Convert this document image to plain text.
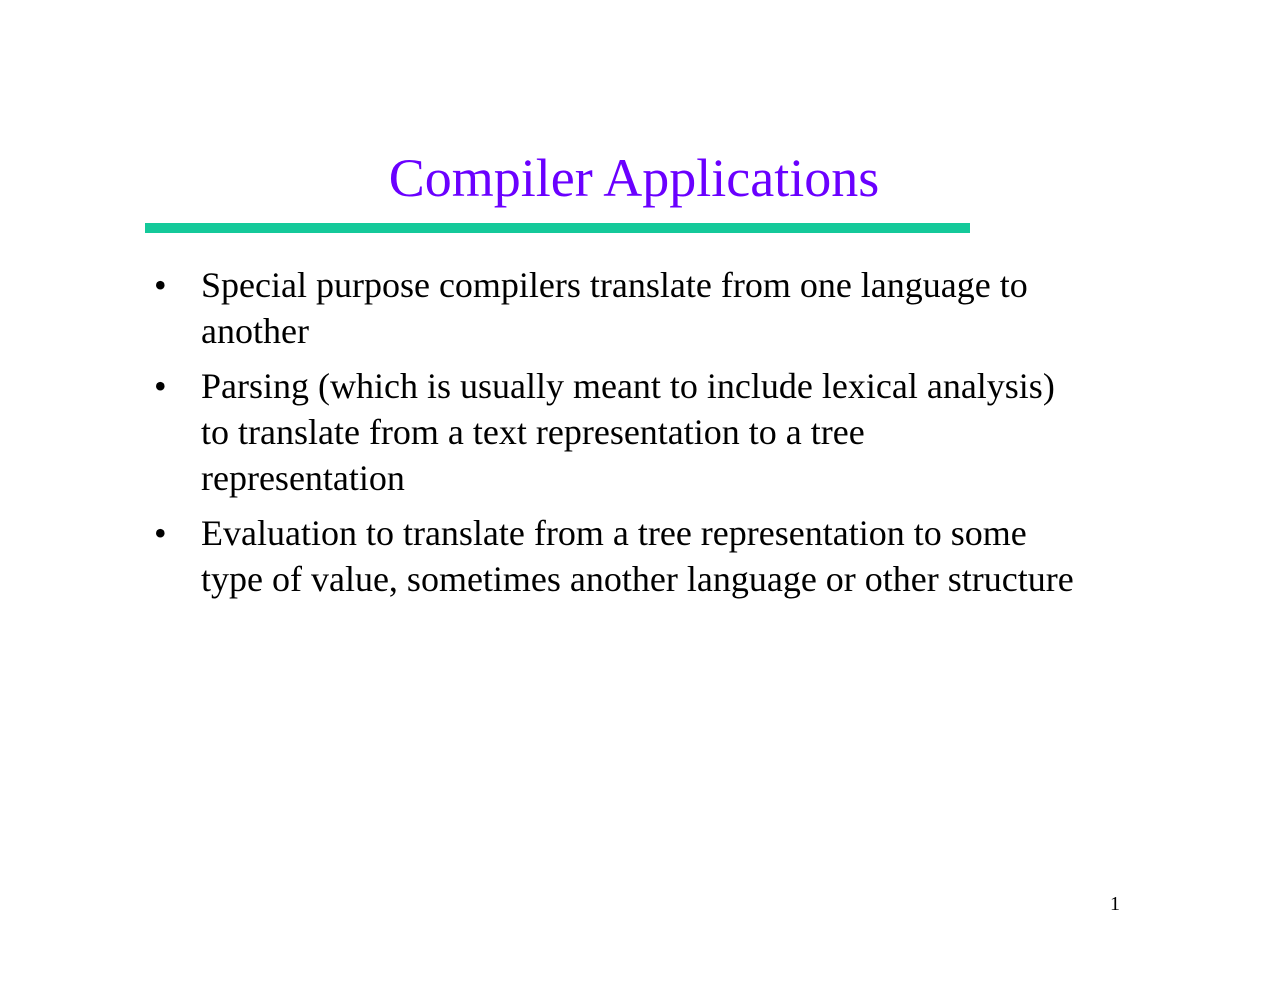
Compiler Applications
• Special purpose compilers translate from one language to
another
• Parsing (which is usually meant to include lexical analysis)
to translate from a text representation to a tree
representation
• Evaluation to translate from a tree representation to some
type of value, sometimes another language or other structure
1
